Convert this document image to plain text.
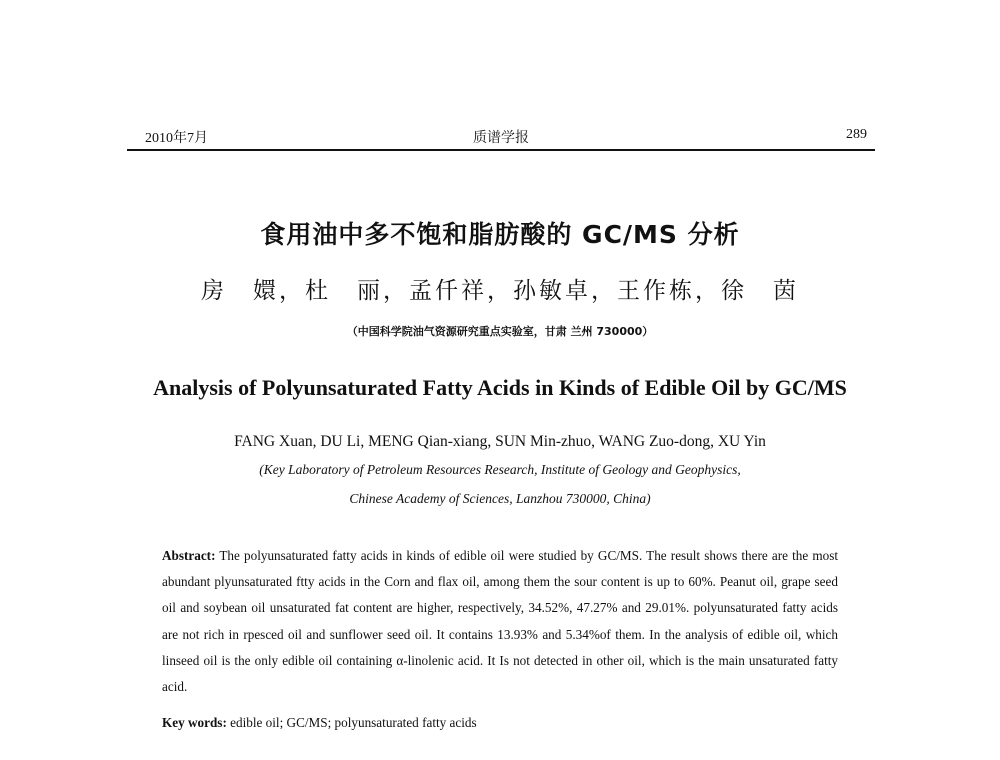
2010年7月	质谱学报	289
食用油中多不饱和脂肪酸的 GC/MS 分析
房　嬛，杜　丽，孟仟祥，孙敏卓，王作栋，徐　茵
（中国科学院油气资源研究重点实验室，甘肃 兰州 730000）
Analysis of Polyunsaturated Fatty Acids in Kinds of Edible Oil by GC/MS
FANG Xuan, DU Li, MENG Qian-xiang, SUN Min-zhuo, WANG Zuo-dong, XU Yin
(Key Laboratory of Petroleum Resources Research, Institute of Geology and Geophysics,
Chinese Academy of Sciences, Lanzhou 730000, China)
Abstract: The polyunsaturated fatty acids in kinds of edible oil were studied by GC/MS. The result shows there are the most abundant plyunsaturated ftty acids in the Corn and flax oil, among them the sour content is up to 60%. Peanut oil, grape seed oil and soybean oil unsaturated fat content are higher, respectively, 34.52%, 47.27% and 29.01%. polyunsaturated fatty acids are not rich in rpesced oil and sunflower seed oil. It contains 13.93% and 5.34%of them. In the analysis of edible oil, which linseed oil is the only edible oil containing α-linolenic acid. It Is not detected in other oil, which is the main unsaturated fatty acid.
Key words: edible oil; GC/MS; polyunsaturated fatty acids
